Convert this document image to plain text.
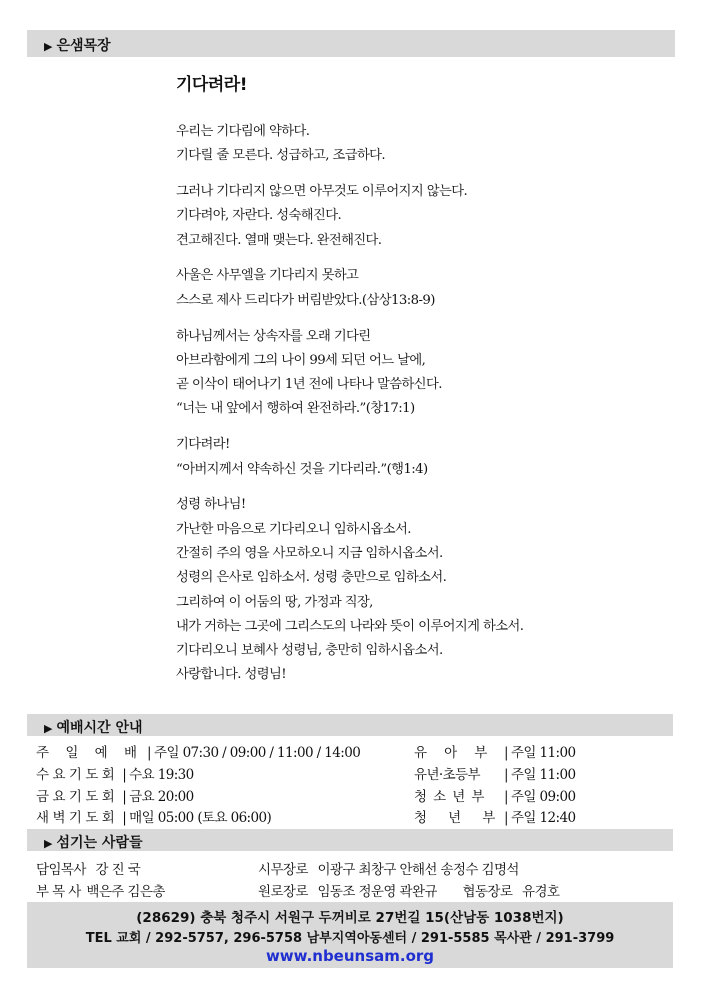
▶ 은샘목장
기다려라!
우리는 기다림에 약하다.
기다릴 줄 모른다. 성급하고, 조급하다.
그러나 기다리지 않으면 아무것도 이루어지지 않는다.
기다려야, 자란다. 성숙해진다.
견고해진다. 열매 맺는다. 완전해진다.
사울은 사무엘을 기다리지 못하고
스스로 제사 드리다가 버림받았다.(삼상13:8-9)
하나님께서는 상속자를 오래 기다린
아브라함에게 그의 나이 99세 되던 어느 날에,
곧 이삭이 태어나기 1년 전에 나타나 말씀하신다.
“너는 내 앞에서 행하여 완전하라.”(창17:1)
기다려라!
“아버지께서 약속하신 것을 기다리라.”(행1:4)
성령 하나님!
가난한 마음으로 기다리오니 임하시옵소서.
간절히 주의 영을 사모하오니 지금 임하시옵소서.
성령의 은사로 임하소서. 성령 충만으로 임하소서.
그리하여 이 어둠의 땅, 가정과 직장,
내가 거하는 그곳에 그리스도의 나라와 뜻이 이루어지게 하소서.
기다리오니 보혜사 성령님, 충만히 임하시옵소서.
사랑합니다. 성령님!
▶ 예배시간 안내
주 일 예 배 | 주일 07:30 / 09:00 / 11:00 / 14:00
수요기도회 | 수요 19:30
금요기도회 | 금요 20:00
새벽기도회 | 매일 05:00 (토요 06:00)
유 아 부 | 주일 11:00
유년·초등부 | 주일 11:00
청 소 년 부 | 주일 09:00
청 년 부 | 주일 12:40
▶ 섬기는 사람들
담임목사 강 진 국
부 목 사 백은주 김은총
시무장로 이광구 최창구 안해선 송정수 김명석
원로장로 임동조 정운영 곽완규 협동장로 유경호
(28629) 충북 청주시 서원구 두꺼비로 27번길 15(산남동 1038번지)
TEL 교회 / 292-5757, 296-5758 남부지역아동센터 / 291-5585 목사관 / 291-3799
www.nbeunsam.org
